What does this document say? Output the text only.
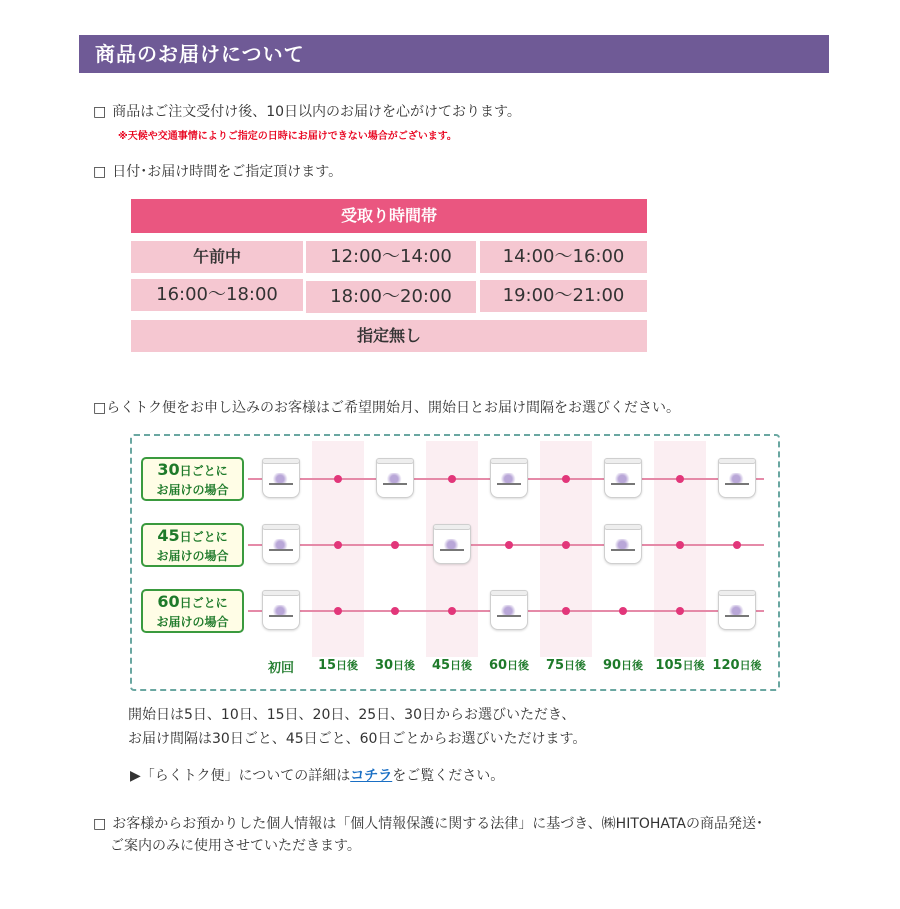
商品のお届けについて
□ 商品はご注文受付け後、10日以内のお届けを心がけております。
※天候や交通事情によりご指定の日時にお届けできない場合がございます。
□ 日付･お届け時間をご指定頂けます。
受取り時間帯
午前中	12:00～14:00	14:00～16:00
16:00～18:00	18:00～20:00	19:00～21:00
指定無し
□らくトク便をお申し込みのお客様はご希望開始月、開始日とお届け間隔をお選びください。
30日ごとに
お届けの場合
45日ごとに
お届けの場合
60日ごとに
お届けの場合
初回	15日後	30日後	45日後	60日後	75日後	90日後 105日後 120日後
開始日は5日、10日、15日、20日、25日、30日からお選びいただき、
お届け間隔は30日ごと、45日ごと、60日ごとからお選びいただけます。
▶「らくトク便」についての詳細はコチラをご覧ください。
□ お客様からお預かりした個人情報は「個人情報保護に関する法律」に基づき、㈱HITOHATAの商品発送･
ご案内のみに使用させていただきます。
